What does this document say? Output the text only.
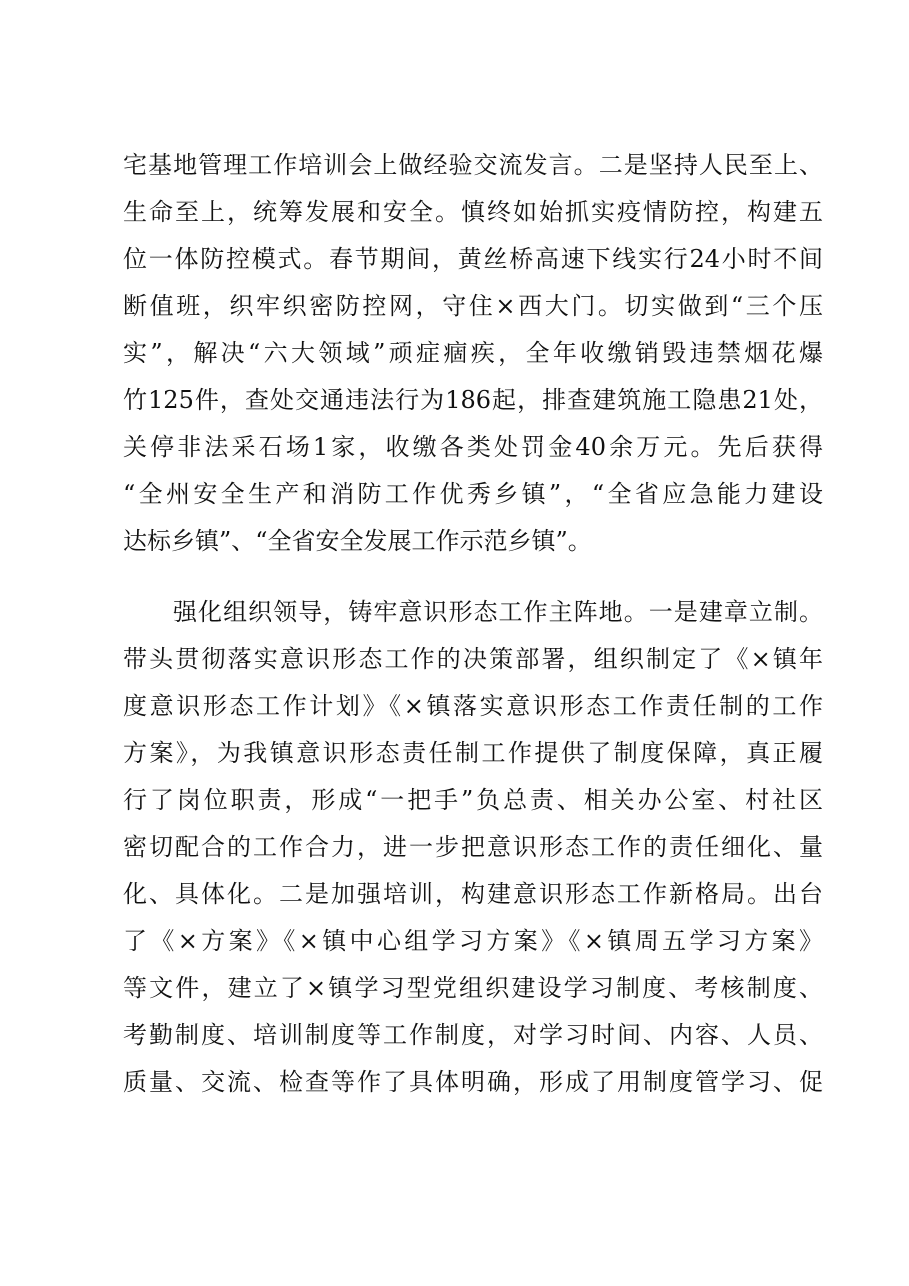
宅基地管理工作培训会上做经验交流发言。二是坚持人民至上、
生命至上，统筹发展和安全。慎终如始抓实疫情防控，构建五
位一体防控模式。春节期间，黄丝桥高速下线实行24小时不间
断值班，织牢织密防控网，守住×西大门。切实做到“三个压
实”，解决“六大领域”顽症痼疾，全年收缴销毁违禁烟花爆
竹125件，查处交通违法行为186起，排查建筑施工隐患21处，
关停非法采石场1家，收缴各类处罚金40余万元。先后获得
“全州安全生产和消防工作优秀乡镇”，“全省应急能力建设
达标乡镇”、“全省安全发展工作示范乡镇”。
强化组织领导，铸牢意识形态工作主阵地。一是建章立制。
带头贯彻落实意识形态工作的决策部署，组织制定了《×镇年
度意识形态工作计划》《×镇落实意识形态工作责任制的工作
方案》，为我镇意识形态责任制工作提供了制度保障，真正履
行了岗位职责，形成“一把手”负总责、相关办公室、村社区
密切配合的工作合力，进一步把意识形态工作的责任细化、量
化、具体化。二是加强培训，构建意识形态工作新格局。出台
了《×方案》《×镇中心组学习方案》《×镇周五学习方案》
等文件，建立了×镇学习型党组织建设学习制度、考核制度、
考勤制度、培训制度等工作制度，对学习时间、内容、人员、
质量、交流、检查等作了具体明确，形成了用制度管学习、促
